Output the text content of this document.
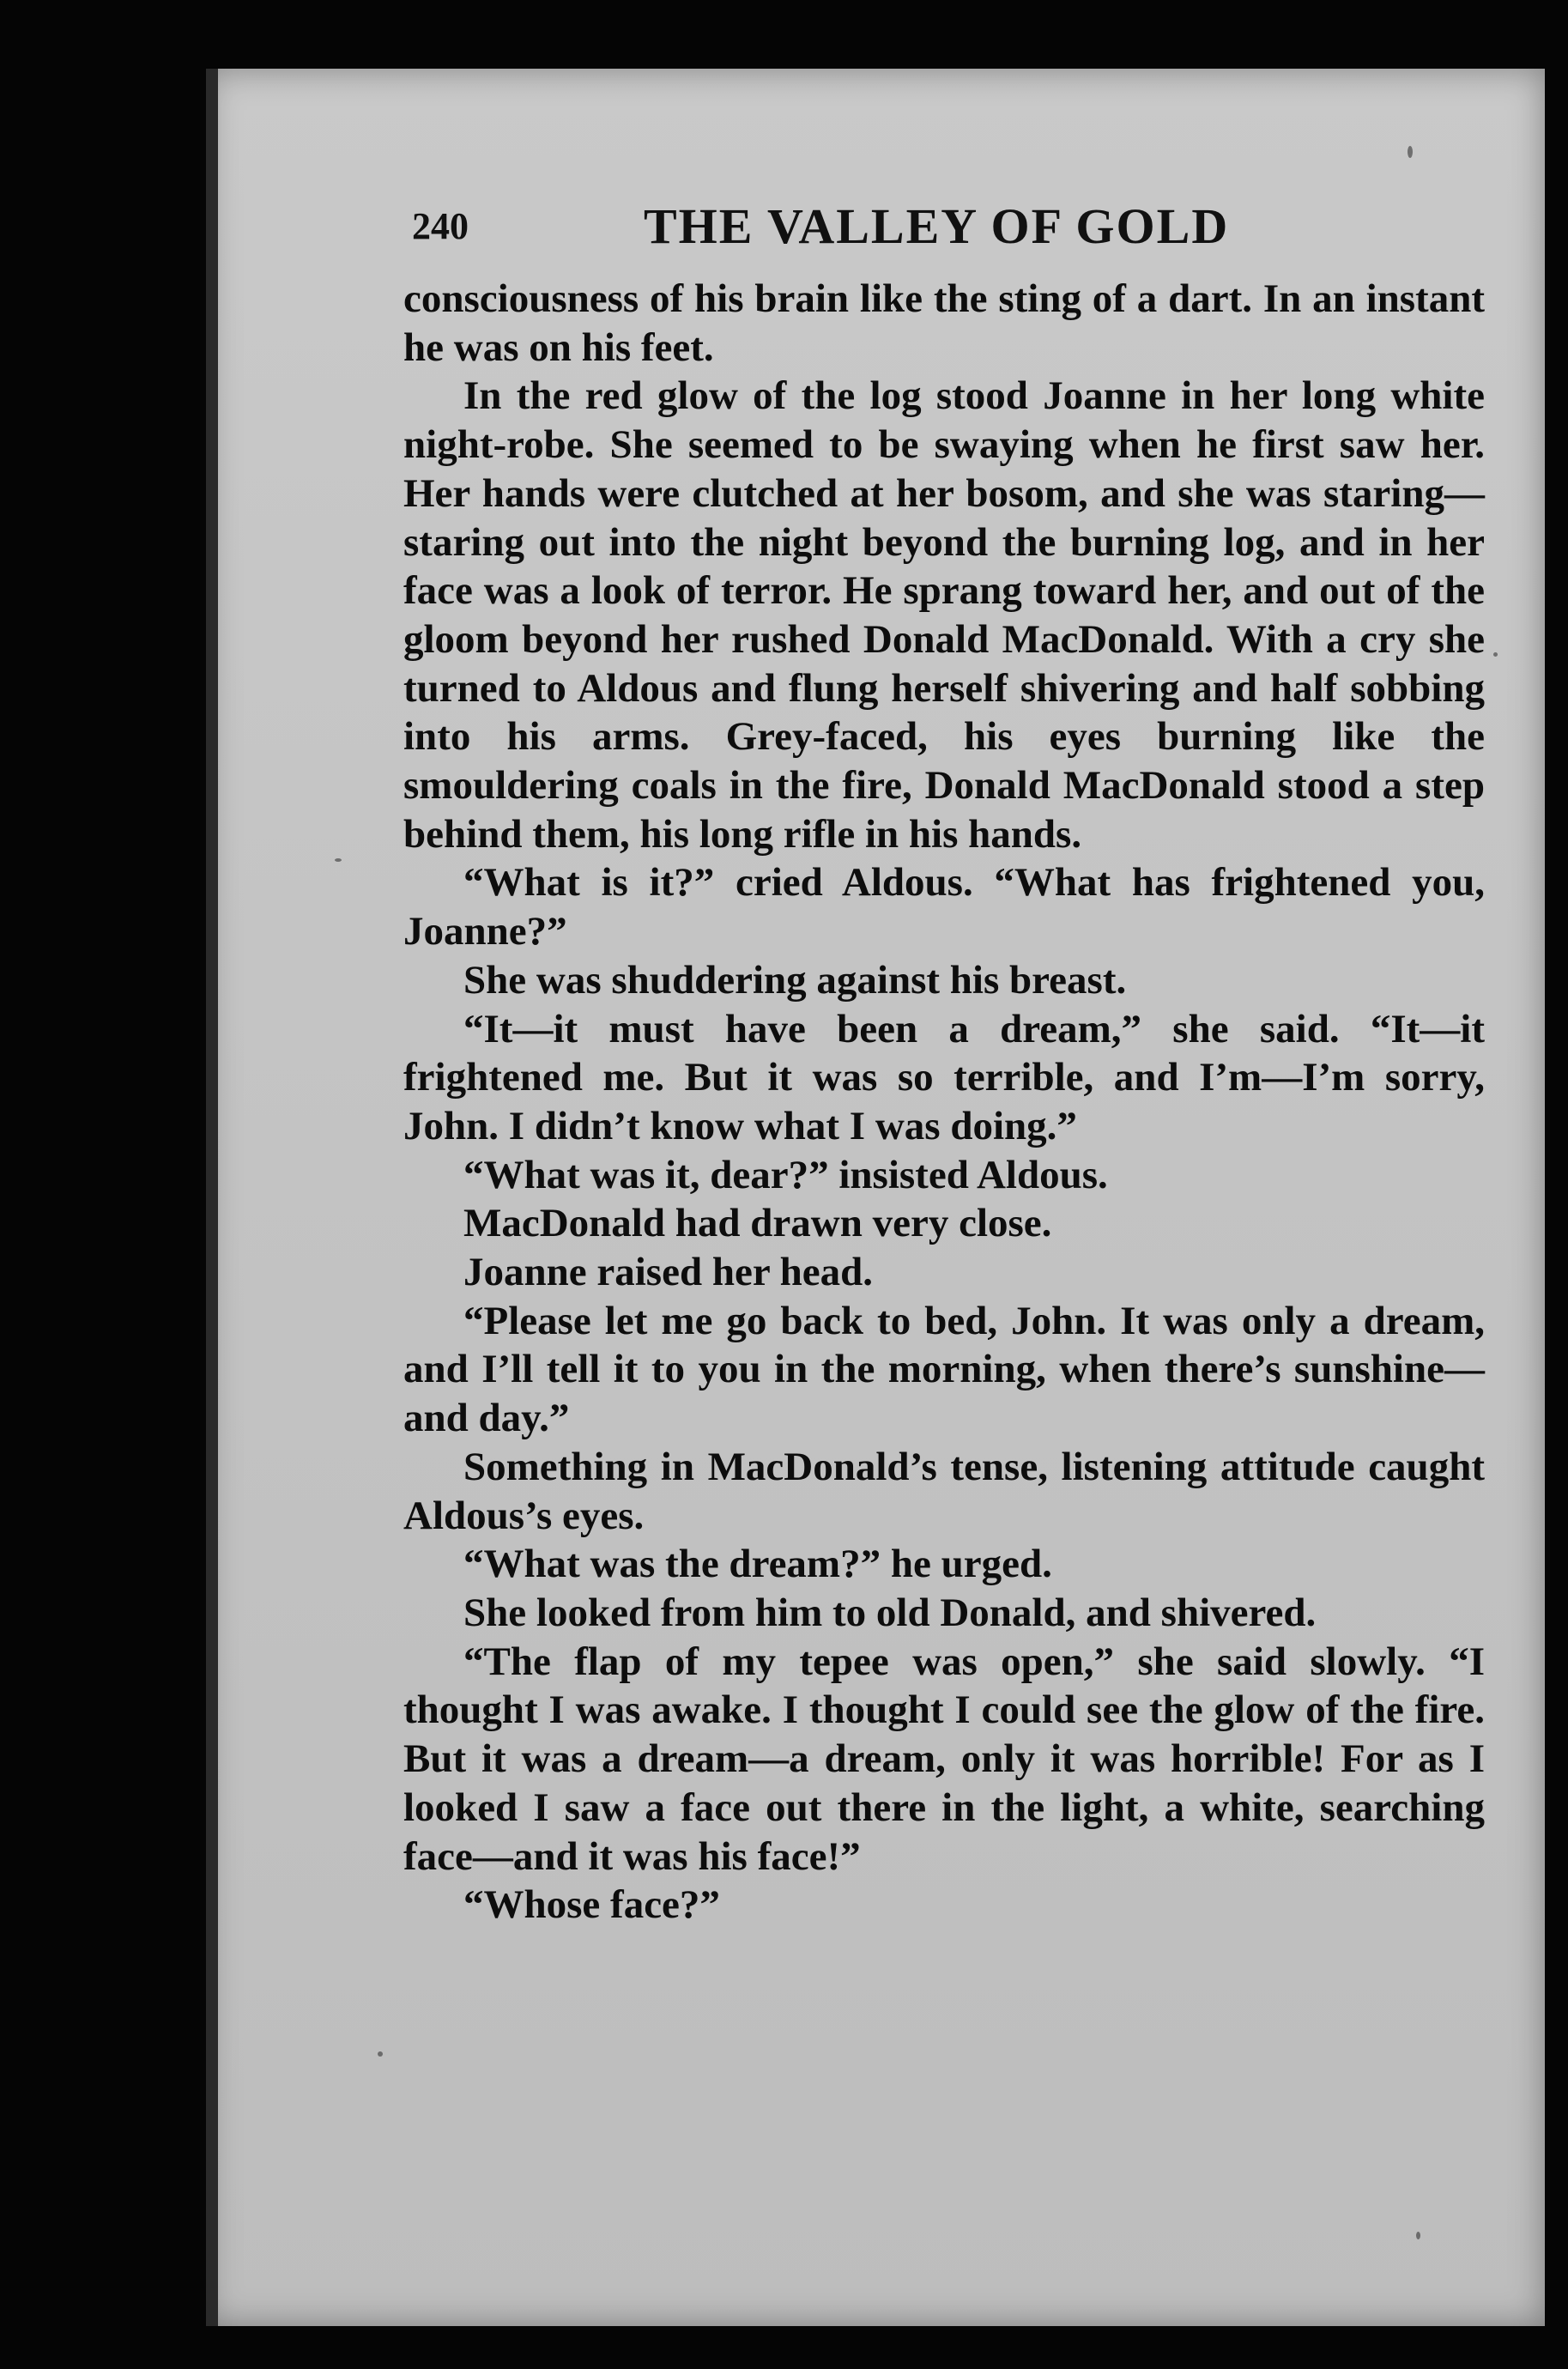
240	THE VALLEY OF GOLD

consciousness of his brain like the sting of a dart. In an instant he was on his feet.

In the red glow of the log stood Joanne in her long white night-robe. She seemed to be swaying when he first saw her. Her hands were clutched at her bosom, and she was staring—staring out into the night beyond the burning log, and in her face was a look of terror. He sprang toward her, and out of the gloom beyond her rushed Donald MacDonald. With a cry she turned to Aldous and flung herself shivering and half sobbing into his arms. Grey-faced, his eyes burning like the smouldering coals in the fire, Donald MacDonald stood a step behind them, his long rifle in his hands.

“What is it?” cried Aldous. “What has frightened you, Joanne?”

She was shuddering against his breast.

“It—it must have been a dream,” she said. “It—it frightened me. But it was so terrible, and I’m—I’m sorry, John. I didn’t know what I was doing.”

“What was it, dear?” insisted Aldous.

MacDonald had drawn very close.

Joanne raised her head.

“Please let me go back to bed, John. It was only a dream, and I’ll tell it to you in the morning, when there’s sunshine—and day.”

Something in MacDonald’s tense, listening attitude caught Aldous’s eyes.

“What was the dream?” he urged.

She looked from him to old Donald, and shivered.

“The flap of my tepee was open,” she said slowly. “I thought I was awake. I thought I could see the glow of the fire. But it was a dream—a dream, only it was horrible! For as I looked I saw a face out there in the light, a white, searching face—and it was his face!”

“Whose face?”
